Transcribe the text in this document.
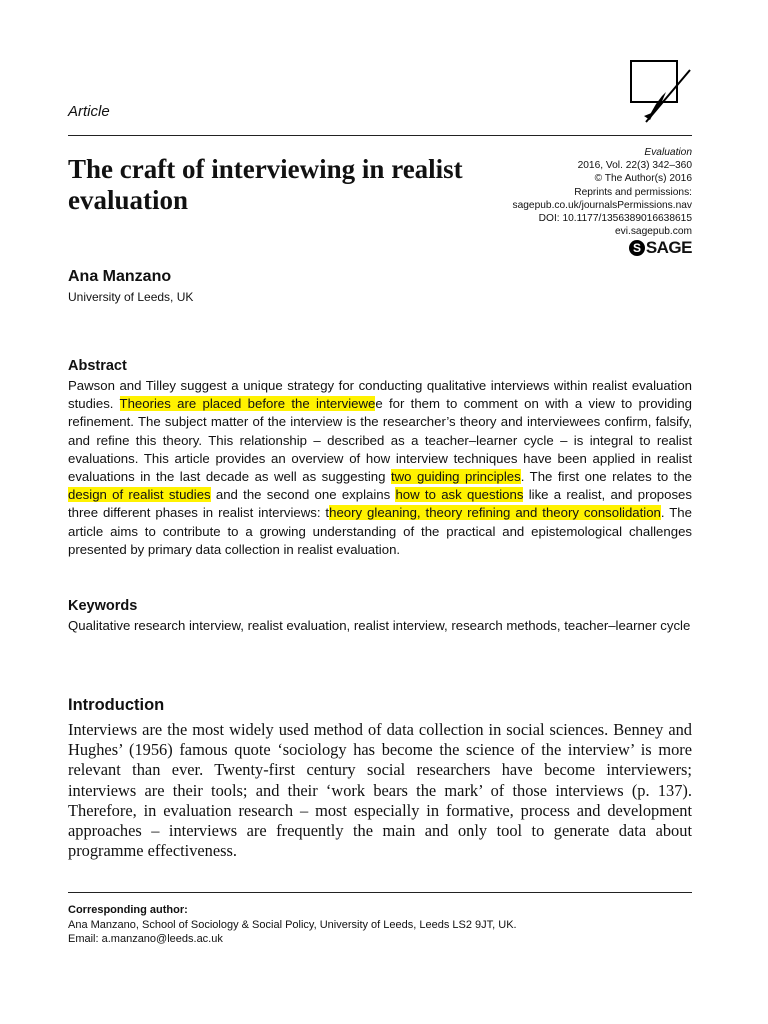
Article
The craft of interviewing in realist evaluation
Evaluation
2016, Vol. 22(3) 342–360
© The Author(s) 2016
Reprints and permissions:
sagepub.co.uk/journalsPermissions.nav
DOI: 10.1177/1356389016638615
evi.sagepub.com
S SAGE
Ana Manzano
University of Leeds, UK
Abstract
Pawson and Tilley suggest a unique strategy for conducting qualitative interviews within realist evaluation studies. Theories are placed before the interviewee for them to comment on with a view to providing refinement. The subject matter of the interview is the researcher’s theory and interviewees confirm, falsify, and refine this theory. This relationship – described as a teacher–learner cycle – is integral to realist evaluations. This article provides an overview of how interview techniques have been applied in realist evaluations in the last decade as well as suggesting two guiding principles. The first one relates to the design of realist studies and the second one explains how to ask questions like a realist, and proposes three different phases in realist interviews: theory gleaning, theory refining and theory consolidation. The article aims to contribute to a growing understanding of the practical and epistemological challenges presented by primary data collection in realist evaluation.
Keywords
Qualitative research interview, realist evaluation, realist interview, research methods, teacher–learner cycle
Introduction
Interviews are the most widely used method of data collection in social sciences. Benney and Hughes’ (1956) famous quote ‘sociology has become the science of the interview’ is more relevant than ever. Twenty-first century social researchers have become interviewers; interviews are their tools; and their ‘work bears the mark’ of those interviews (p. 137). Therefore, in evaluation research – most especially in formative, process and development approaches – interviews are frequently the main and only tool to generate data about programme effectiveness.
Corresponding author:
Ana Manzano, School of Sociology & Social Policy, University of Leeds, Leeds LS2 9JT, UK.
Email: a.manzano@leeds.ac.uk
